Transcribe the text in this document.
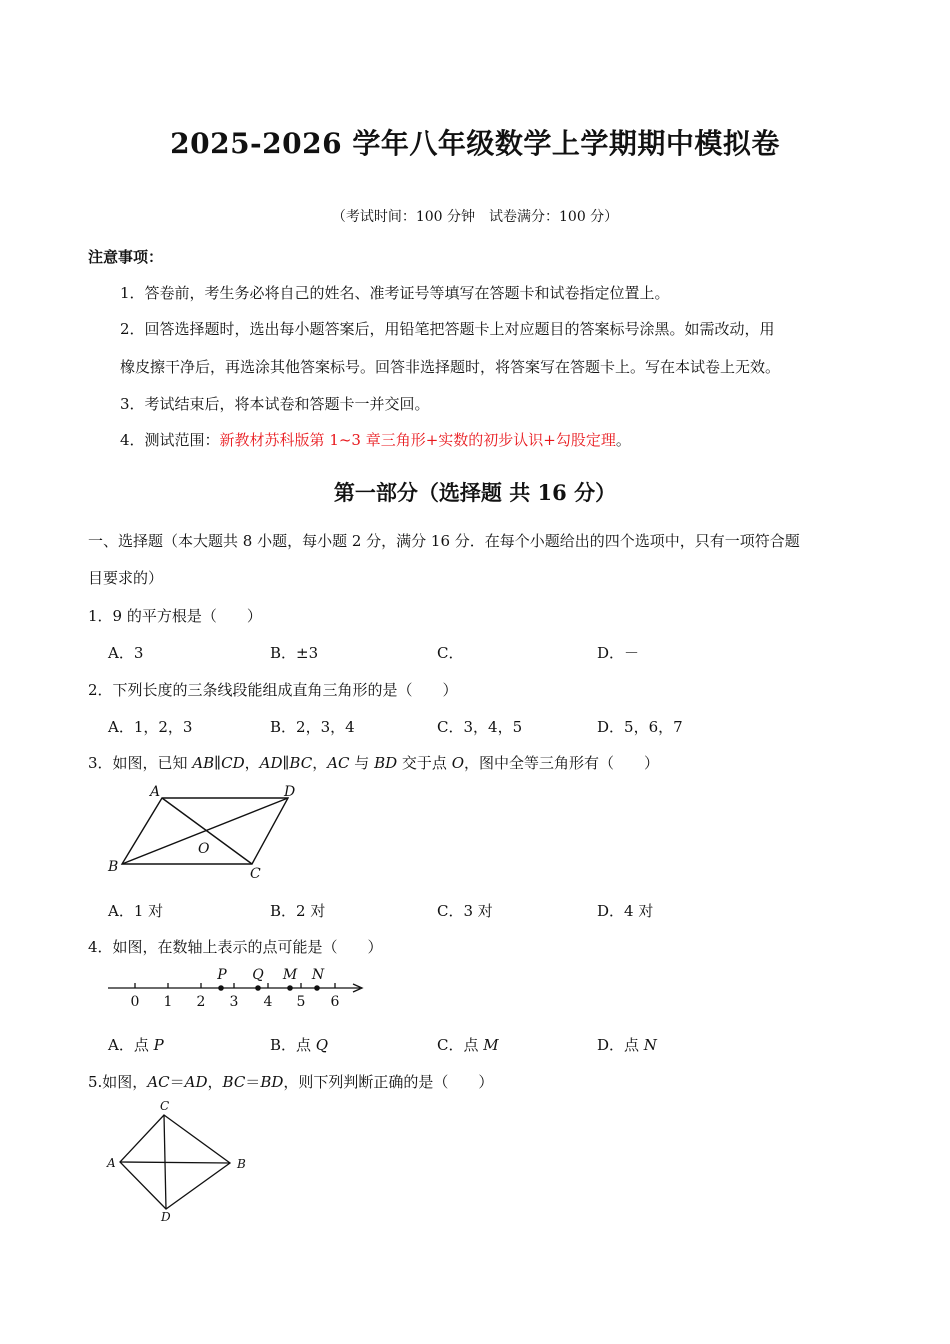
2025-2026 学年八年级数学上学期期中模拟卷
（考试时间：100 分钟　试卷满分：100 分）
注意事项：
1．答卷前，考生务必将自己的姓名、准考证号等填写在答题卡和试卷指定位置上。
2．回答选择题时，选出每小题答案后，用铅笔把答题卡上对应题目的答案标号涂黑。如需改动，用
橡皮擦干净后，再选涂其他答案标号。回答非选择题时，将答案写在答题卡上。写在本试卷上无效。
3．考试结束后，将本试卷和答题卡一并交回。
4．测试范围：新教材苏科版第 1~3 章三角形+实数的初步认识+勾股定理。
第一部分（选择题 共 16 分）
一、选择题（本大题共 8 小题，每小题 2 分，满分 16 分．在每个小题给出的四个选项中，只有一项符合题
目要求的）
1．9 的平方根是（　　）
A．3	B．±3	C．	D．－
2．下列长度的三条线段能组成直角三角形的是（　　）
A．1，2，3	B．2，3，4	C．3，4，5	D．5，6，7
3．如图，已知 AB∥CD，AD∥BC，AC 与 BD 交于点 O，图中全等三角形有（　　）
A	D
O
B	C
A．1 对	B．2 对	C．3 对	D．4 对
4．如图，在数轴上表示的点可能是（　　）
0 1 2 3 4 5 6
P Q M N
A．点 P	B．点 Q	C．点 M	D．点 N
5.如图，AC＝AD，BC＝BD，则下列判断正确的是（　　）
C
A	B
D
